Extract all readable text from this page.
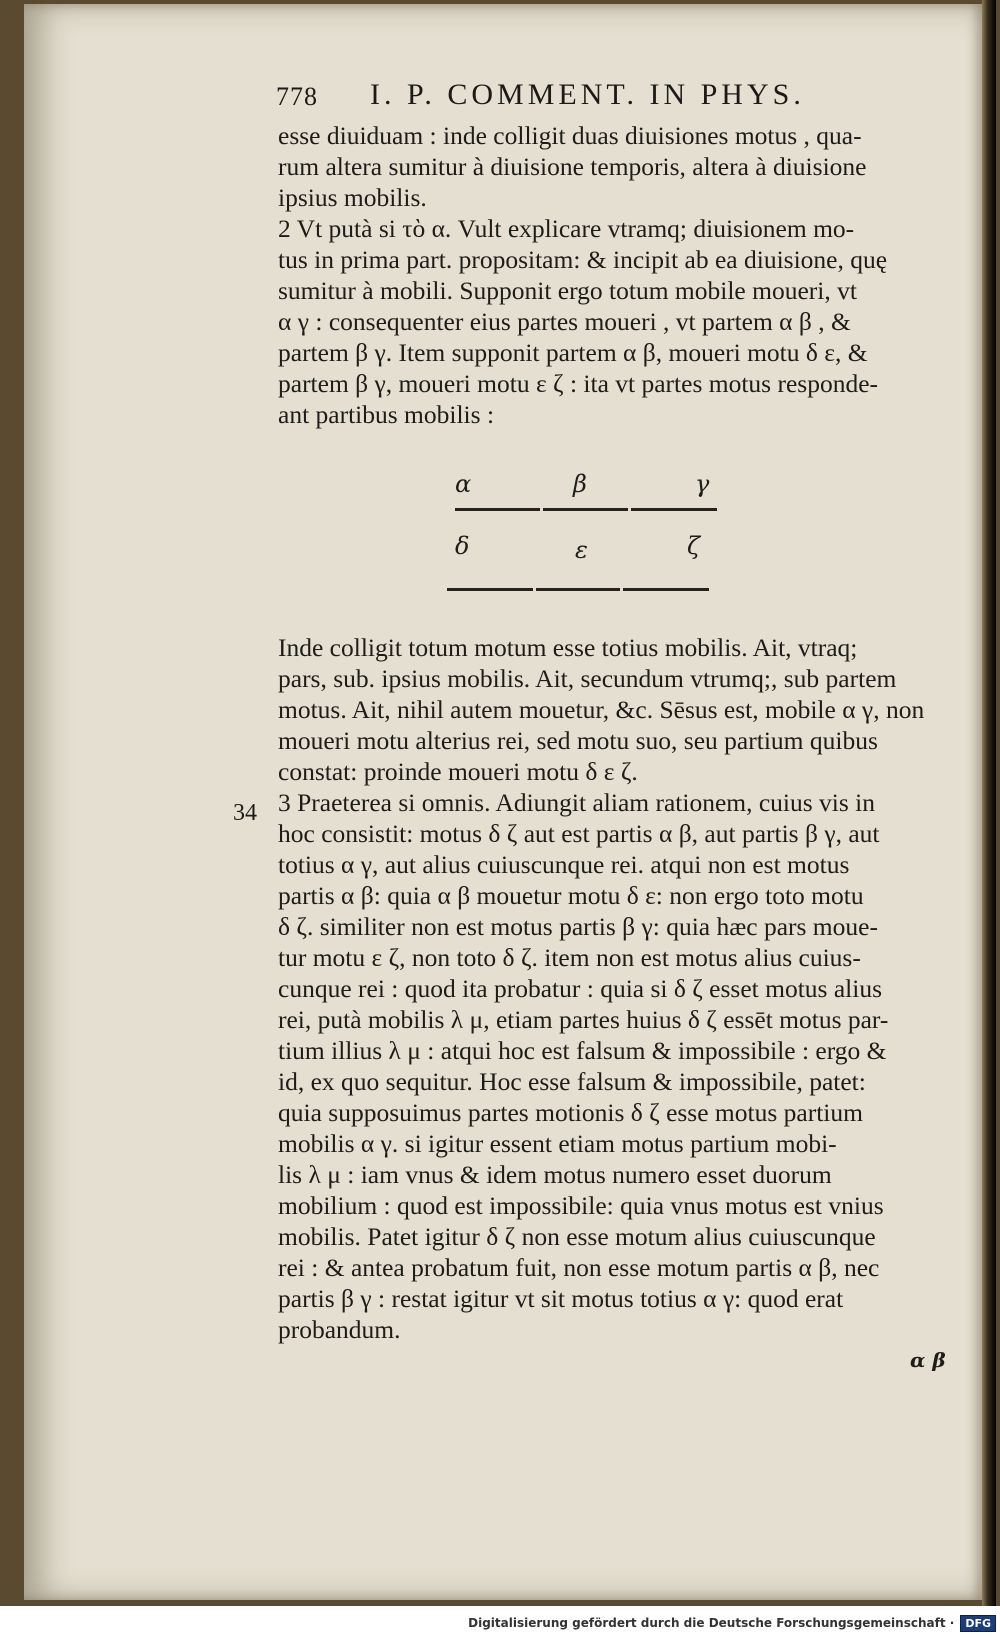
778 I. P. COMMENT. IN PHYS.
esse diuiduam : inde colligit duas diuisiones motus , qua-
rum altera sumitur à diuisione temporis, altera à diuisione
ipsius mobilis.
2 Vt putà si τὸ α. Vult explicare vtramq; diuisionem mo-
tus in prima part. propositam: & incipit ab ea diuisione, quę
sumitur à mobili. Supponit ergo totum mobile moueri, vt
α γ : consequenter eius partes moueri , vt partem α β , &
partem β γ. Item supponit partem α β, moueri motu δ ε, &
partem β γ, moueri motu ε ζ : ita vt partes motus responde-
ant partibus mobilis :
α	β	γ
δ	ε	ζ
Inde colligit totum motum esse totius mobilis. Ait, vtraq;
pars, sub. ipsius mobilis. Ait, secundum vtrumq;, sub partem
motus. Ait, nihil autem mouetur, &c. Sēsus est, mobile α γ, non
moueri motu alterius rei, sed motu suo, seu partium quibus
constat: proinde moueri motu δ ε ζ.
3 Praeterea si omnis. Adiungit aliam rationem, cuius vis in
hoc consistit: motus δ ζ aut est partis α β, aut partis β γ, aut
totius α γ, aut alius cuiuscunque rei. atqui non est motus
partis α β: quia α β mouetur motu δ ε: non ergo toto motu
δ ζ. similiter non est motus partis β γ: quia hæc pars moue-
tur motu ε ζ, non toto δ ζ. item non est motus alius cuius-
cunque rei : quod ita probatur : quia si δ ζ esset motus alius
rei, putà mobilis λ μ, etiam partes huius δ ζ essēt motus par-
tium illius λ μ : atqui hoc est falsum & impossibile : ergo &
id, ex quo sequitur. Hoc esse falsum & impossibile, patet:
quia supposuimus partes motionis δ ζ esse motus partium
mobilis α γ. si igitur essent etiam motus partium mobi-
lis λ μ : iam vnus & idem motus numero esset duorum
mobilium : quod est impossibile: quia vnus motus est vnius
mobilis. Patet igitur δ ζ non esse motum alius cuiuscunque
rei : & antea probatum fuit, non esse motum partis α β, nec
partis β γ : restat igitur vt sit motus totius α γ: quod erat
probandum.
34
α β
Digitalisierung gefördert durch die Deutsche Forschungsgemeinschaft ·	DFG
